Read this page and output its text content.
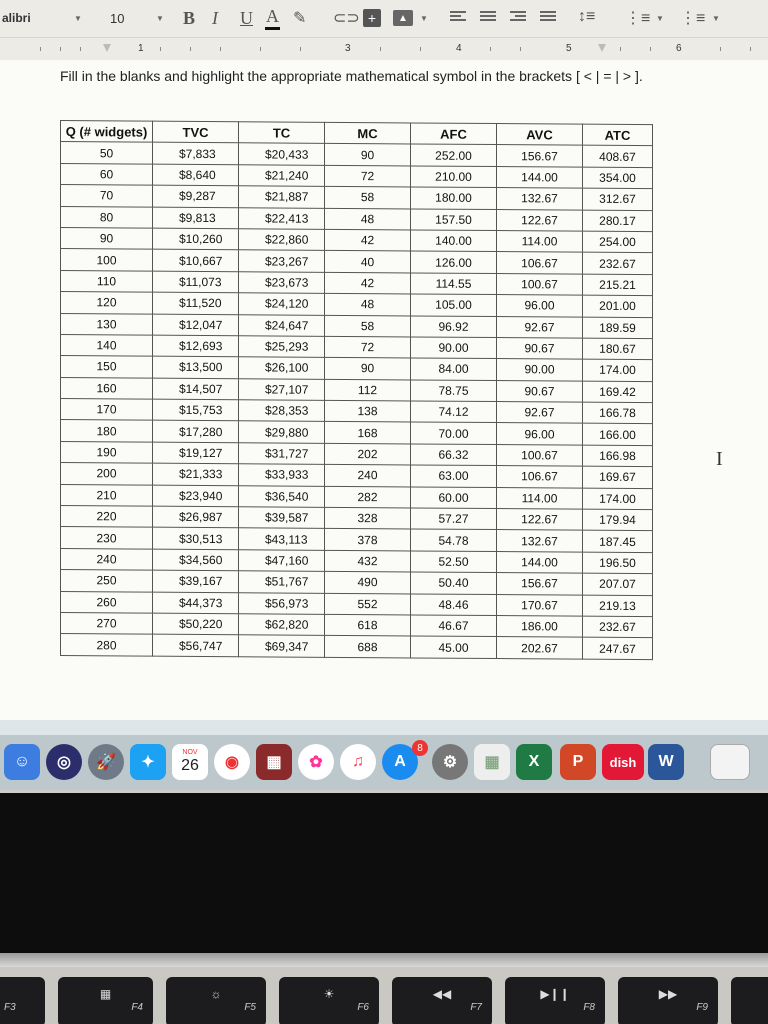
alibri	▼ 10	▼ B I U A ✎ ⊂⊃ +	▲	▼	↕≡ ⋮≡ ▼ ⋮≡ ▼
1	3	4	5	6
Fill in the blanks and highlight the appropriate mathematical symbol in the brackets [ < | = | > ].
Q (# widgets)	TVC	TC	MC	AFC	AVC	ATC
50	$7,833	$20,433	90	252.00	156.67	408.67
60	$8,640	$21,240	72	210.00	144.00	354.00
70	$9,287	$21,887	58	180.00	132.67	312.67
80	$9,813	$22,413	48	157.50	122.67	280.17
90	$10,260	$22,860	42	140.00	114.00	254.00
100	$10,667	$23,267	40	126.00	106.67	232.67
110	$11,073	$23,673	42	114.55	100.67	215.21
120	$11,520	$24,120	48	105.00	96.00	201.00
130	$12,047	$24,647	58	96.92	92.67	189.59
140	$12,693	$25,293	72	90.00	90.67	180.67
150	$13,500	$26,100	90	84.00	90.00	174.00
160	$14,507	$27,107	112	78.75	90.67	169.42
170	$15,753	$28,353	138	74.12	92.67	166.78
180	$17,280	$29,880	168	70.00	96.00	166.00
190	$19,127	$31,727	202	66.32	100.67	166.98
200	$21,333	$33,933	240	63.00	106.67	169.67
210	$23,940	$36,540	282	60.00	114.00	174.00
220	$26,987	$39,587	328	57.27	122.67	179.94
230	$30,513	$43,113	378	54.78	132.67	187.45
240	$34,560	$47,160	432	52.50	144.00	196.50
250	$39,167	$51,767	490	50.40	156.67	207.07
260	$44,373	$56,973	552	48.46	170.67	219.13
270	$50,220	$62,820	618	46.67	186.00	232.67
280	$56,747	$69,347	688	45.00	202.67	247.67
I
☺	◎	🚀	✦
NOV
26	◉	▦	✿	♫	A
8
⚙	▦	X P dish W
F3
▦
F4
☼
F5
☀
F6
◀◀
F7
▶❙❙
F8
▶▶
F9
